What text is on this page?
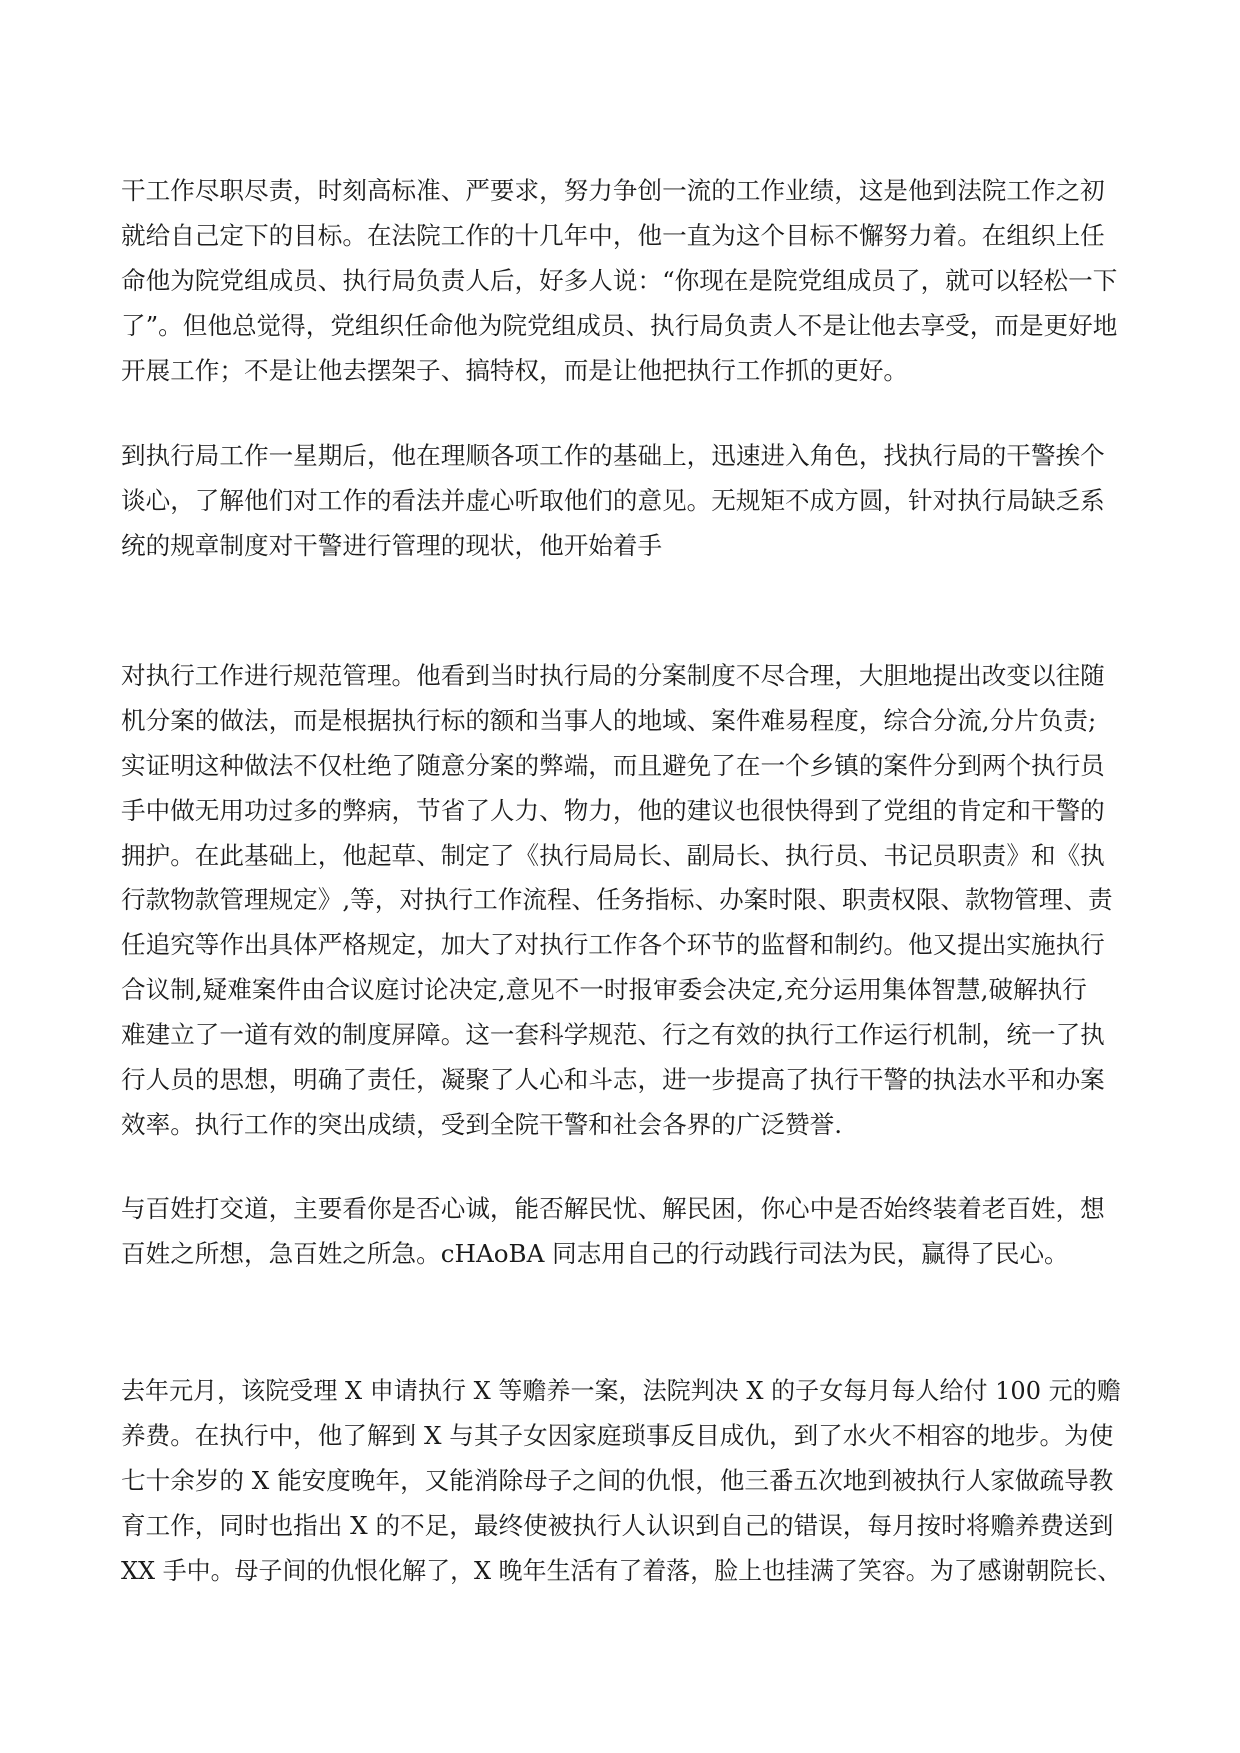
干工作尽职尽责，时刻高标准、严要求，努力争创一流的工作业绩，这是他到法院工作之初
就给自己定下的目标。在法院工作的十几年中，他一直为这个目标不懈努力着。在组织上任
命他为院党组成员、执行局负责人后，好多人说：“你现在是院党组成员了，就可以轻松一下
了”。但他总觉得，党组织任命他为院党组成员、执行局负责人不是让他去享受，而是更好地
开展工作；不是让他去摆架子、搞特权，而是让他把执行工作抓的更好。
到执行局工作一星期后，他在理顺各项工作的基础上，迅速进入角色，找执行局的干警挨个
谈心，了解他们对工作的看法并虚心听取他们的意见。无规矩不成方圆，针对执行局缺乏系
统的规章制度对干警进行管理的现状，他开始着手
对执行工作进行规范管理。他看到当时执行局的分案制度不尽合理，大胆地提出改变以往随
机分案的做法，而是根据执行标的额和当事人的地域、案件难易程度，综合分流,分片负责;
实证明这种做法不仅杜绝了随意分案的弊端，而且避免了在一个乡镇的案件分到两个执行员
手中做无用功过多的弊病，节省了人力、物力，他的建议也很快得到了党组的肯定和干警的
拥护。在此基础上，他起草、制定了《执行局局长、副局长、执行员、书记员职责》和《执
行款物款管理规定》,等，对执行工作流程、任务指标、办案时限、职责权限、款物管理、责
任追究等作出具体严格规定，加大了对执行工作各个环节的监督和制约。他又提出实施执行
合议制,疑难案件由合议庭讨论决定,意见不一时报审委会决定,充分运用集体智慧,破解执行
难建立了一道有效的制度屏障。这一套科学规范、行之有效的执行工作运行机制，统一了执
行人员的思想，明确了责任，凝聚了人心和斗志，进一步提高了执行干警的执法水平和办案
效率。执行工作的突出成绩，受到全院干警和社会各界的广泛赞誉.
与百姓打交道，主要看你是否心诚，能否解民忧、解民困，你心中是否始终装着老百姓，想
百姓之所想，急百姓之所急。cHAoBA 同志用自己的行动践行司法为民，赢得了民心。
去年元月，该院受理 X 申请执行 X 等赡养一案，法院判决 X 的子女每月每人给付 100 元的赡
养费。在执行中，他了解到 X 与其子女因家庭琐事反目成仇，到了水火不相容的地步。为使
七十余岁的 X 能安度晚年，又能消除母子之间的仇恨，他三番五次地到被执行人家做疏导教
育工作，同时也指出 X 的不足，最终使被执行人认识到自己的错误，每月按时将赡养费送到
XX 手中。母子间的仇恨化解了，X 晚年生活有了着落，脸上也挂满了笑容。为了感谢朝院长、
